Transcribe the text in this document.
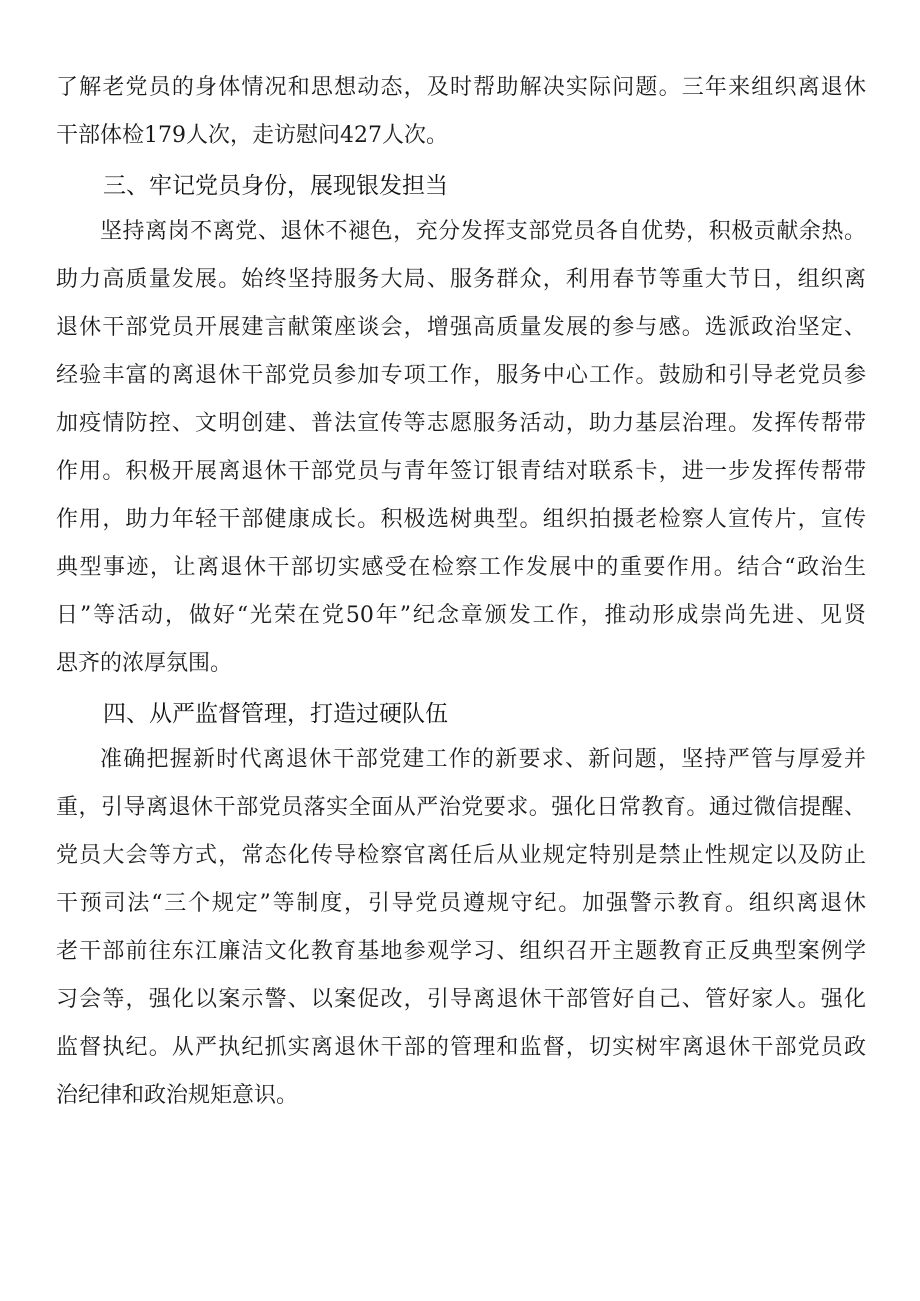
了解老党员的身体情况和思想动态，及时帮助解决实际问题。三年来组织离退休
干部体检179人次，走访慰问427人次。
三、牢记党员身份，展现银发担当
坚持离岗不离党、退休不褪色，充分发挥支部党员各自优势，积极贡献余热。
助力高质量发展。始终坚持服务大局、服务群众，利用春节等重大节日，组织离
退休干部党员开展建言献策座谈会，增强高质量发展的参与感。选派政治坚定、
经验丰富的离退休干部党员参加专项工作，服务中心工作。鼓励和引导老党员参
加疫情防控、文明创建、普法宣传等志愿服务活动，助力基层治理。发挥传帮带
作用。积极开展离退休干部党员与青年签订银青结对联系卡，进一步发挥传帮带
作用，助力年轻干部健康成长。积极选树典型。组织拍摄老检察人宣传片，宣传
典型事迹，让离退休干部切实感受在检察工作发展中的重要作用。结合“政治生
日”等活动，做好“光荣在党50年”纪念章颁发工作，推动形成崇尚先进、见贤
思齐的浓厚氛围。
四、从严监督管理，打造过硬队伍
准确把握新时代离退休干部党建工作的新要求、新问题，坚持严管与厚爱并
重，引导离退休干部党员落实全面从严治党要求。强化日常教育。通过微信提醒、
党员大会等方式，常态化传导检察官离任后从业规定特别是禁止性规定以及防止
干预司法“三个规定”等制度，引导党员遵规守纪。加强警示教育。组织离退休
老干部前往东江廉洁文化教育基地参观学习、组织召开主题教育正反典型案例学
习会等，强化以案示警、以案促改，引导离退休干部管好自己、管好家人。强化
监督执纪。从严执纪抓实离退休干部的管理和监督，切实树牢离退休干部党员政
治纪律和政治规矩意识。
